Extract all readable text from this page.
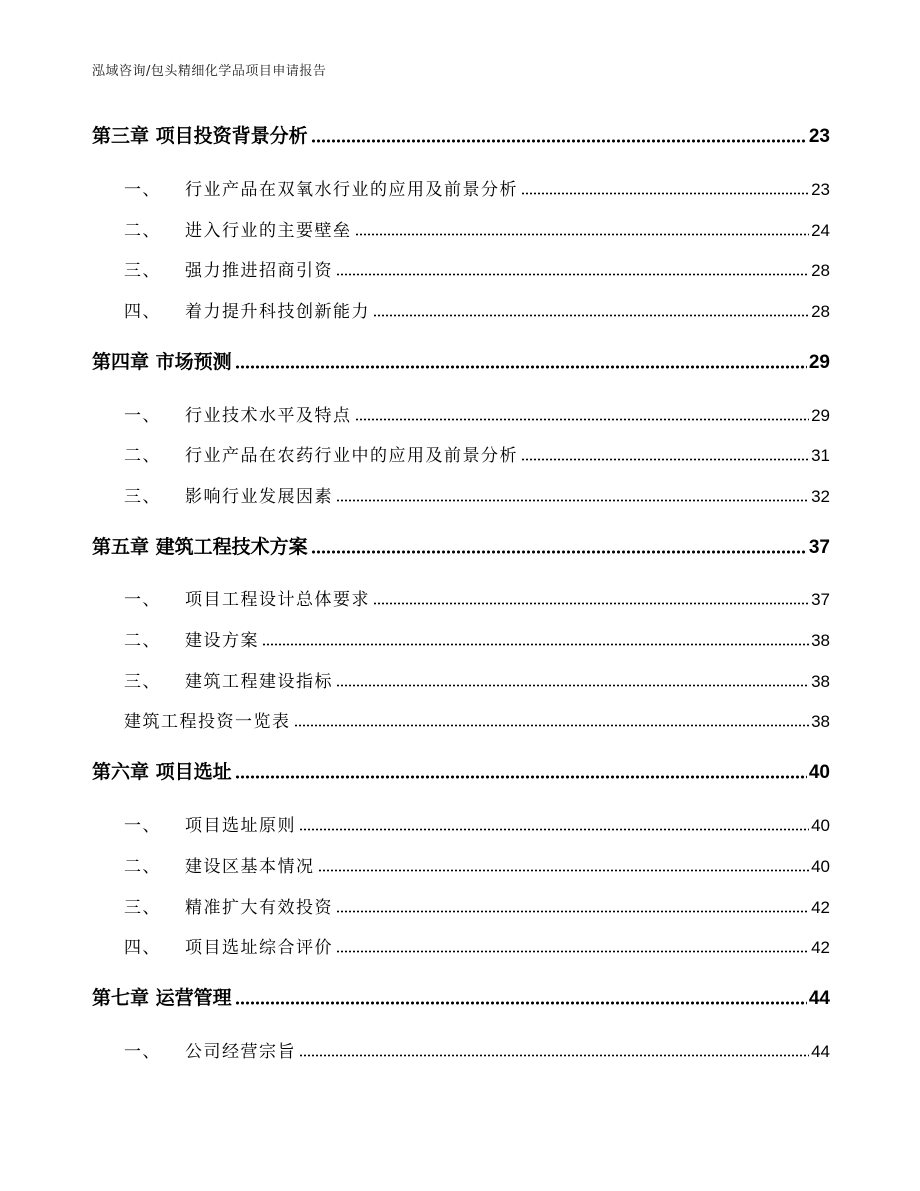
泓域咨询/包头精细化学品项目申请报告
第三章 项目投资背景分析	23
一、 行业产品在双氧水行业的应用及前景分析	23
二、 进入行业的主要壁垒	24
三、 强力推进招商引资	28
四、 着力提升科技创新能力	28
第四章 市场预测	29
一、 行业技术水平及特点	29
二、 行业产品在农药行业中的应用及前景分析	31
三、 影响行业发展因素	32
第五章 建筑工程技术方案	37
一、 项目工程设计总体要求	37
二、 建设方案	38
三、 建筑工程建设指标	38
建筑工程投资一览表	38
第六章 项目选址	40
一、 项目选址原则	40
二、 建设区基本情况	40
三、 精准扩大有效投资	42
四、 项目选址综合评价	42
第七章 运营管理	44
一、 公司经营宗旨	44
